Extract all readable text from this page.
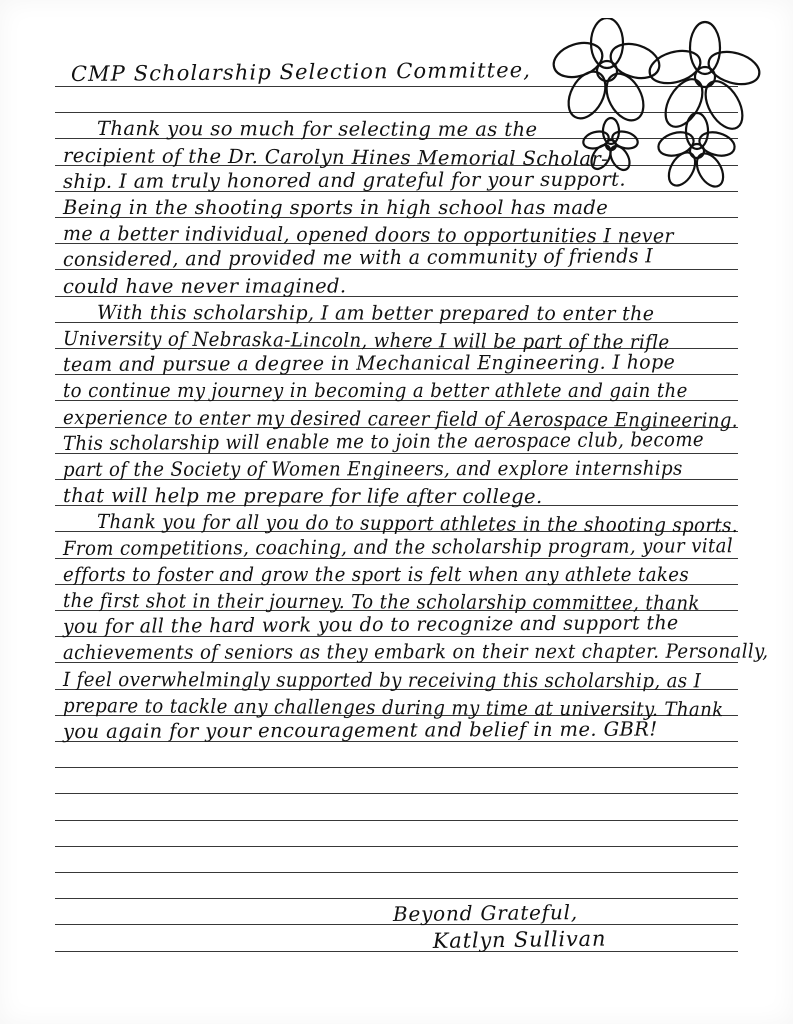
CMP Scholarship Selection Committee,
Thank you so much for selecting me as the
recipient of the Dr. Carolyn Hines Memorial Scholar-
ship. I am truly honored and grateful for your support.
Being in the shooting sports in high school has made
me a better individual, opened doors to opportunities I never
considered, and provided me with a community of friends I
could have never imagined.
With this scholarship, I am better prepared to enter the
University of Nebraska-Lincoln, where I will be part of the rifle
team and pursue a degree in Mechanical Engineering. I hope
to continue my journey in becoming a better athlete and gain the
experience to enter my desired career field of Aerospace Engineering.
This scholarship will enable me to join the aerospace club, become
part of the Society of Women Engineers, and explore internships
that will help me prepare for life after college.
Thank you for all you do to support athletes in the shooting sports.
From competitions, coaching, and the scholarship program, your vital
efforts to foster and grow the sport is felt when any athlete takes
the first shot in their journey. To the scholarship committee, thank
you for all the hard work you do to recognize and support the
achievements of seniors as they embark on their next chapter. Personally,
I feel overwhelmingly supported by receiving this scholarship, as I
prepare to tackle any challenges during my time at university. Thank
you again for your encouragement and belief in me. GBR!
Beyond Grateful,
Katlyn Sullivan
